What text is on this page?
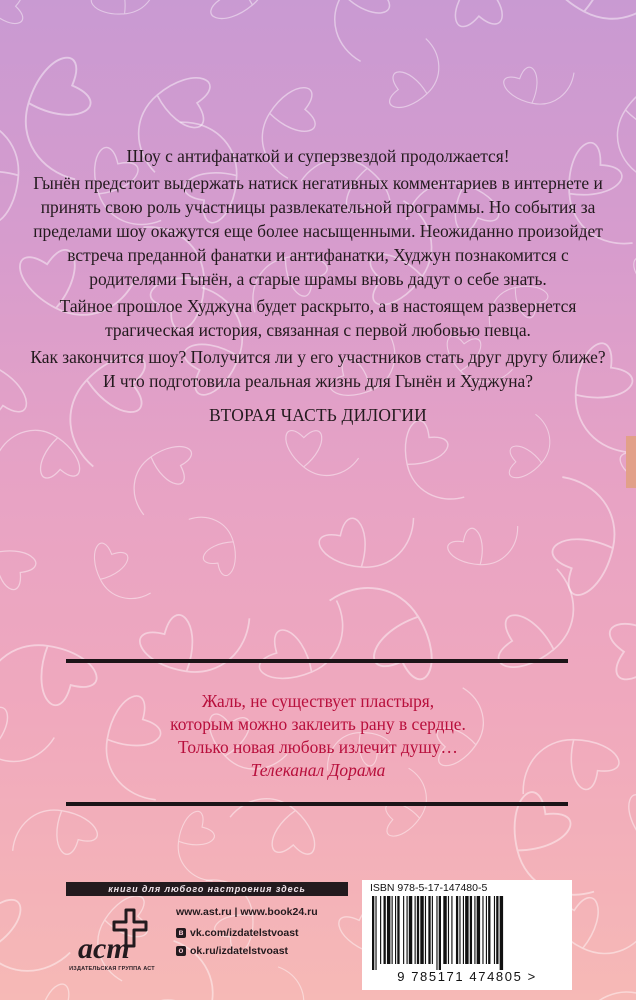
Шоу с антифанаткой и суперзвездой продолжается!

Гынён предстоит выдержать натиск негативных комментариев в интернете и принять свою роль участницы развлекательной программы. Но события за пределами шоу окажутся еще более насыщенными. Неожиданно произойдет встреча преданной фанатки и антифанатки, Худжун познакомится с родителями Гынён, а старые шрамы вновь дадут о себе знать.

Тайное прошлое Худжуна будет раскрыто, а в настоящем развернется трагическая история, связанная с первой любовью певца.

Как закончится шоу? Получится ли у его участников стать друг другу ближе? И что подготовила реальная жизнь для Гынён и Худжуна?

ВТОРАЯ ЧАСТЬ ДИЛОГИИ

Жаль, не существует пластыря,

которым можно заклеить рану в сердце.

Только новая любовь излечит душу…

Телеканал Дорама

книги для любого настроения здесь
аст
ИЗДАТЕЛЬСКАЯ ГРУППА АСТ
www.ast.ru | www.book24.ru
в vk.com/izdatelstvoast
о ok.ru/izdatelstvoast
ISBN 978-5-17-147480-5
9 785171 474805 >
